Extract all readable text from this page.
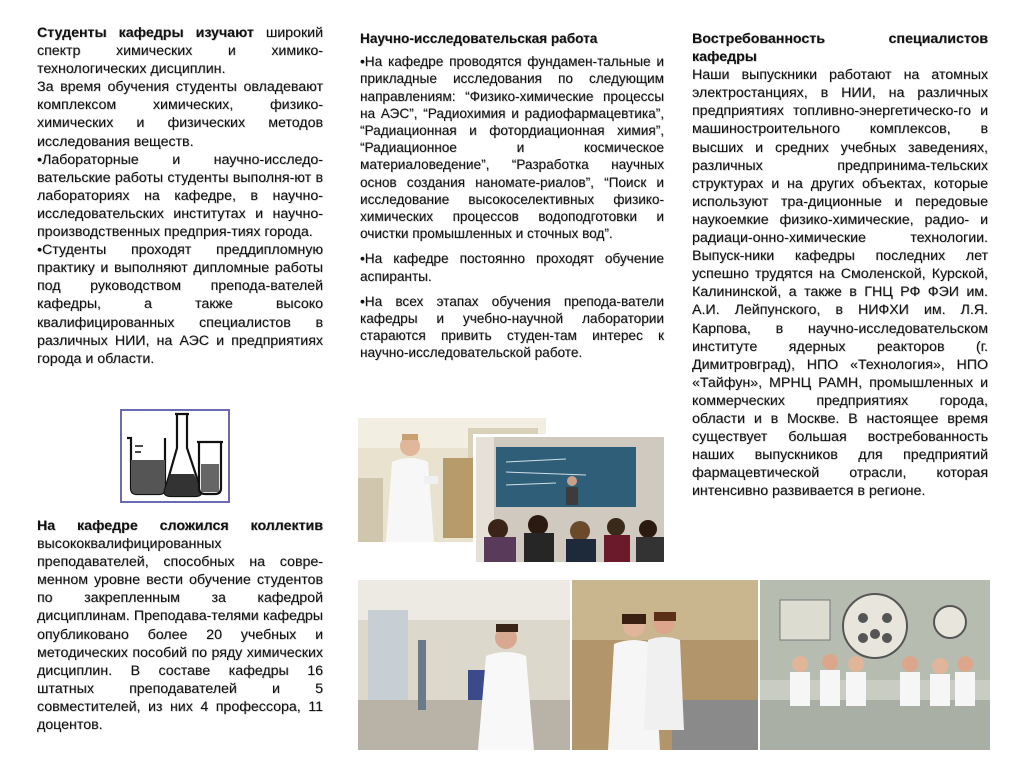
Студенты кафедры изучают широкий спектр химических и химико-технологических дисциплин.

За время обучения студенты овладевают комплексом химических, физико-химических и физических методов исследования веществ.

•Лабораторные и научно-исследо-вательские работы студенты выполня-ют в лабораториях на кафедре, в научно-исследовательских институтах и научно-производственных предприя-тиях города.

•Студенты проходят преддипломную практику и выполняют дипломные работы под руководством препода-вателей кафедры, а также высоко квалифицированных специалистов в различных НИИ, на АЭС и предприятиях города и области.

На кафедре сложился коллектив высококвалифицированных преподавателей, способных на совре-менном уровне вести обучение студентов по закрепленным за кафедрой дисциплинам. Преподава-телями кафедры опубликовано более 20 учебных и методических пособий по ряду химических дисциплин. В составе кафедры 16 штатных преподавателей и 5 совместителей, из них 4 профессора, 11 доцентов.

Научно-исследовательская работа

•На кафедре проводятся фундамен-тальные и прикладные исследования по следующим направлениям: “Физико-химические процессы на АЭС”, “Радиохимия и радиофармацевтика”, “Радиационная и фотордиационная химия”, “Радиационное и космическое материаловедение”, “Разработка научных основ создания наномате-риалов”, “Поиск и исследование высокоселективных физико-химических процессов водоподготовки и очистки промышленных и сточных вод”.

•На кафедре постоянно проходят обучение аспиранты.

•На всех этапах обучения препода-ватели кафедры и учебно-научной лаборатории стараются привить студен-там интерес к научно-исследовательской работе.

Востребованность специалистов кафедры

Наши выпускники работают на атомных электростанциях, в НИИ, на различных предприятиях топливно-энергетическо-го и машиностроительного комплексов, в высших и средних учебных заведениях, различных предпринима-тельских структурах и на других объектах, которые используют тра-диционные и передовые наукоемкие физико-химические, радио- и радиаци-онно-химические технологии. Выпуск-ники кафедры последних лет успешно трудятся на Смоленской, Курской, Калининской, а также в ГНЦ РФ ФЭИ им. А.И. Лейпунского, в НИФХИ им. Л.Я. Карпова, в научно-исследовательском институте ядерных реакторов (г. Димитровград), НПО «Технология», НПО «Тайфун», МРНЦ РАМН, промышленных и коммерческих предприятиях города, области и в Москве. В настоящее время существует большая востребованность наших выпускников для предприятий фармацевтической отрасли, которая интенсивно развивается в регионе.
